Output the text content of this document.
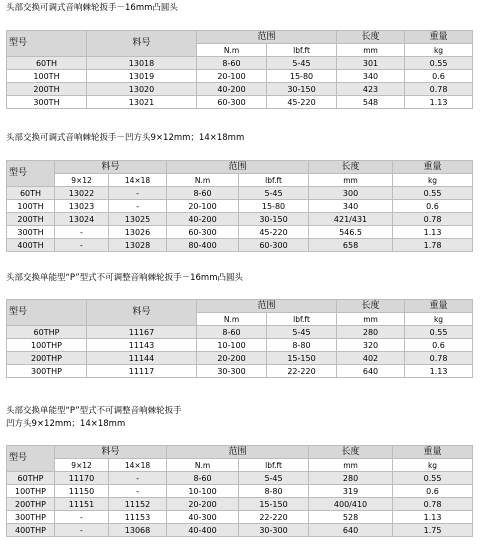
头部交换可调式音响棘轮扳手－16mm凸圆头
型号	料号	范围		长度	重量
		N.m	lbf.ft	mm	kg
60TH	13018	8-60	5-45	301	0.55
100TH	13019	20-100	15-80	340	0.6
200TH	13020	40-200	30-150	423	0.78
300TH	13021	60-300	45-220	548	1.13
头部交换可调式音响棘轮扳手－凹方头9×12mm；14×18mm
型号	料号		范围		长度	重量
	9×12	14×18	N.m	lbf.ft	mm	kg
60TH	13022	-	8-60	5-45	300	0.55
100TH	13023	-	20-100	15-80	340	0.6
200TH	13024	13025	40-200	30-150	421/431	0.78
300TH	-	13026	60-300	45-220	546.5	1.13
400TH	-	13028	80-400	60-300	658	1.78
头部交换单能型“P”型式不可调整音响棘轮扳手－16mm凸圆头
型号	料号	范围		长度	重量
		N.m	lbf.ft	mm	kg
60THP	11167	8-60	5-45	280	0.55
100THP	11143	10-100	8-80	320	0.6
200THP	11144	20-200	15-150	402	0.78
300THP	11117	30-300	22-220	640	1.13
头部交换单能型“P”型式不可调整音响棘轮扳手
凹方头9×12mm；14×18mm
型号	料号		范围		长度	重量
	9×12	14×18	N.m	lbf.ft	mm	kg
60THP	11170	-	8-60	5-45	280	0.55
100THP	11150	-	10-100	8-80	319	0.6
200THP	11151	11152	20-200	15-150	400/410	0.78
300THP	-	11153	40-300	22-220	528	1.13
400THP	-	13068	40-400	30-300	640	1.75
